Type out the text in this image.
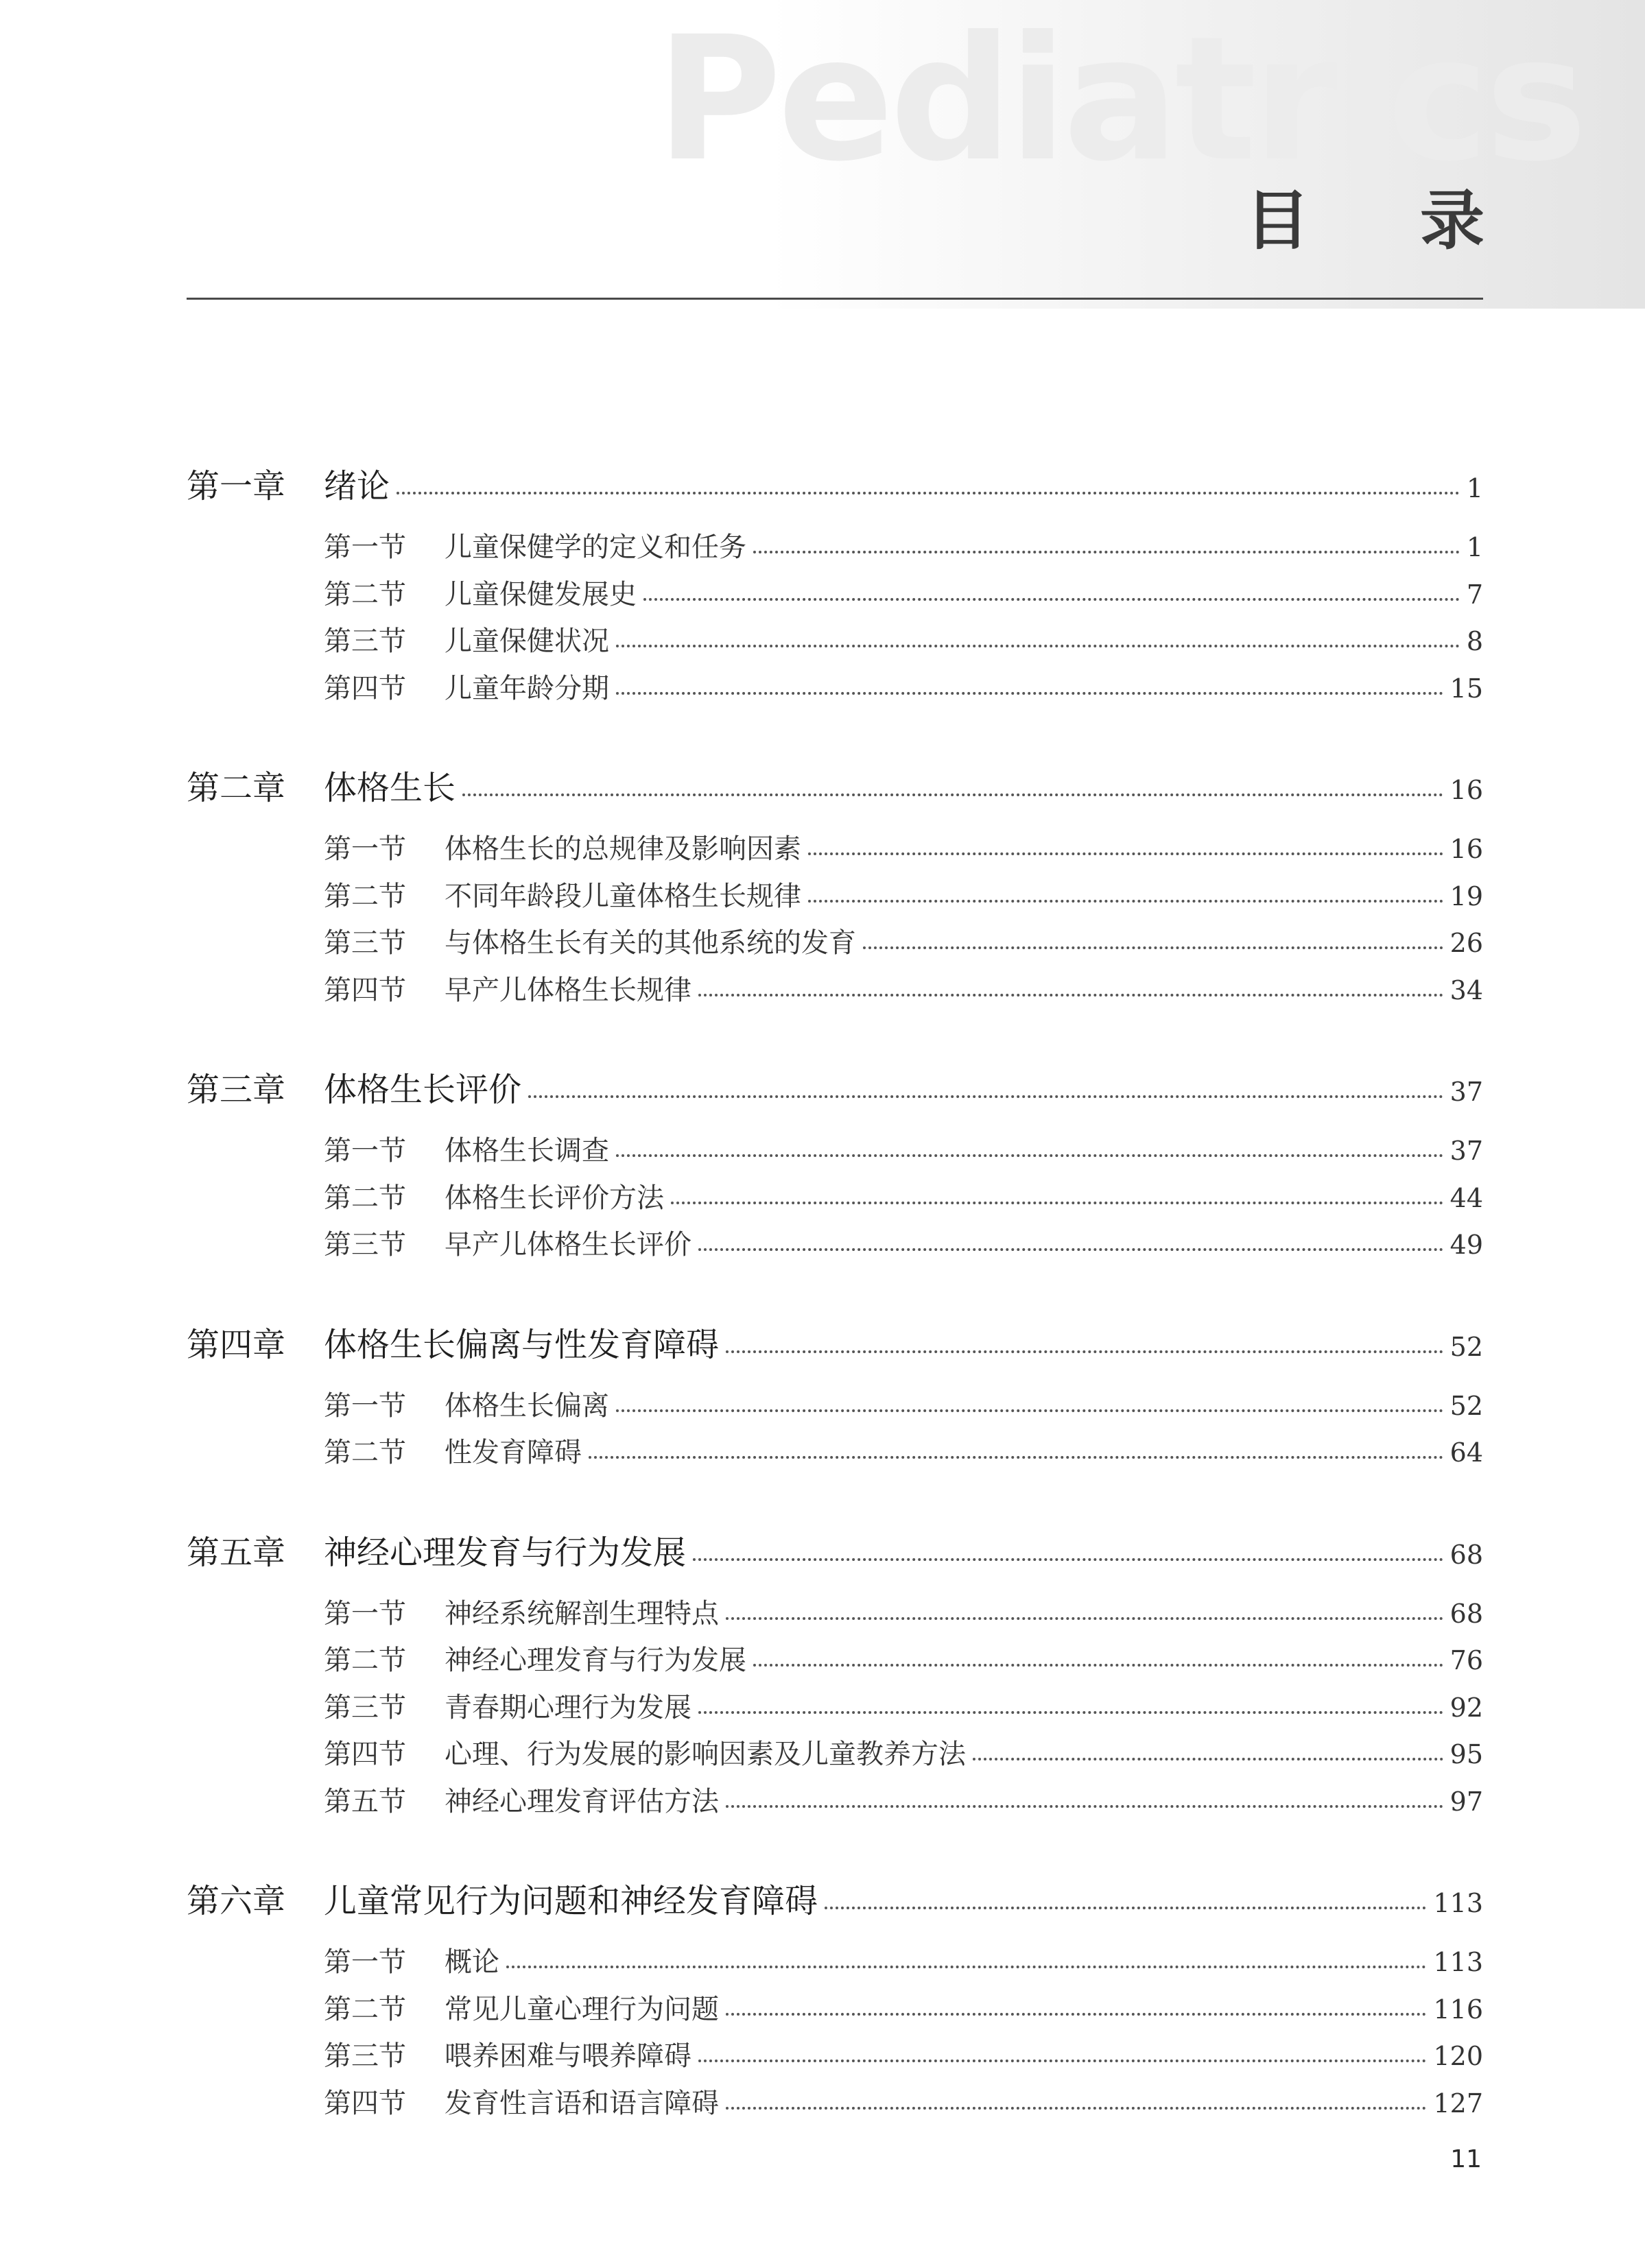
Pediatrics
目 录
第一章	绪论	1
第一节	儿童保健学的定义和任务	1
第二节	儿童保健发展史	7
第三节	儿童保健状况	8
第四节	儿童年龄分期	15
第二章	体格生长	16
第一节	体格生长的总规律及影响因素	16
第二节	不同年龄段儿童体格生长规律	19
第三节	与体格生长有关的其他系统的发育	26
第四节	早产儿体格生长规律	34
第三章	体格生长评价	37
第一节	体格生长调查	37
第二节	体格生长评价方法	44
第三节	早产儿体格生长评价	49
第四章	体格生长偏离与性发育障碍	52
第一节	体格生长偏离	52
第二节	性发育障碍	64
第五章	神经心理发育与行为发展	68
第一节	神经系统解剖生理特点	68
第二节	神经心理发育与行为发展	76
第三节	青春期心理行为发展	92
第四节	心理、行为发展的影响因素及儿童教养方法	95
第五节	神经心理发育评估方法	97
第六章	儿童常见行为问题和神经发育障碍	113
第一节	概论	113
第二节	常见儿童心理行为问题	116
第三节	喂养困难与喂养障碍	120
第四节	发育性言语和语言障碍	127
11
